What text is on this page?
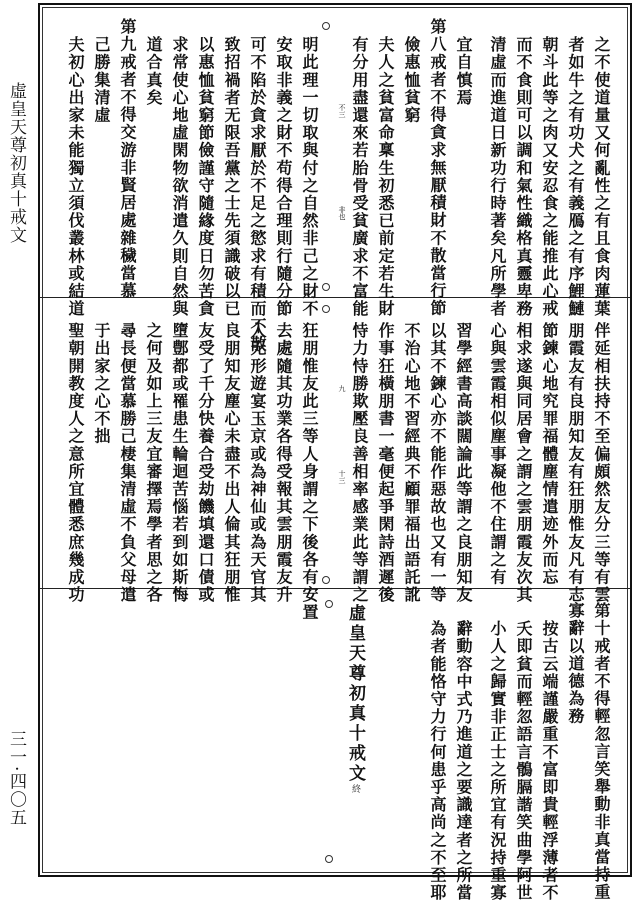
虛皇天尊初真十戒文
三一·四〇五
之不使道量又何亂性之有且食肉蓮葉
者如牛之有功犬之有義鴈之有序鯉鰱
朝斗此等之肉又安忍食之能推此心戒
而不食則可以調和氣性織格真靈卑務
清虛而進道日新功行時著矣凡所學者
宜自慎焉
第八戒者不得貪求無厭積財不散當行節
儉惠恤貧窮
夫人之貧富命稟生初悉已前定若生財
有分用盡還來若胎骨受貧廣求不富能
明此理一切取與付之自然非己之財不
安取非義之財不苟得合理則行隨分節
可不陷於貪求厭於不足之慾求有積而不散
致招禍者无限吾黨之士先須識破以已
以惠恤貧窮節儉謹守隨緣度日勿苦貪
求常使心地虛閑物欲消遣久則自然與
道合真矣
第九戒者不得交游非賢居處雜穢當慕
己勝集清虛
夫初心出家未能獨立須伐叢林或結道	不三
非也
伴延相扶持不至偏頗然友分三等有雲
朋霞友有良朋知友有狂朋惟友凡有志
節鍊心地究罪福體塵情遣迹外而忘
相求遂與同居會之謂之雲朋霞友次其
心與雲霞相似塵事凝他不住謂之有
習學經書高談闊論此等謂之良朋知友
以其不鍊心亦不能作惡故也又有一等
不治心地不習經典不顧罪福出語託訛
作事狂橫朋書一毫便起爭閑詩酒遲後
恃力恃勝欺壓良善相率感業此等謂之
狂朋惟友此三等人身謂之下後各有安置
去處隨其功業各得受報其雲朋霞友升
入无形遊宴玉京或為神仙或為天官其
良朋知友塵心未盡不出人倫其狂朋惟
友受了千分快養合受劫饑填還口債或
墮鄷都或罹患生輪迴苦惱若到如斯悔
之何及如上三友宜審擇焉學者思之各
尋長便當慕勝己棲集清虛不負父母遣
于出家之心不拙
聖朝開教度人之意所宜體悉庶幾成功	九
十三
第十戒者不得輕忽言笑舉動非真當持重
寡辭以道德為務
按古云端謹嚴重不富即貴輕浮薄者不
夭即貧而輕忽語言鶻膈諧笑曲學阿世
小人之歸實非正士之所宜有況持重寡
辭動容中式乃進道之要識達者之所當
為者能恪守力行何患乎高尚之不至耶
虛皇天尊初真十戒文終
